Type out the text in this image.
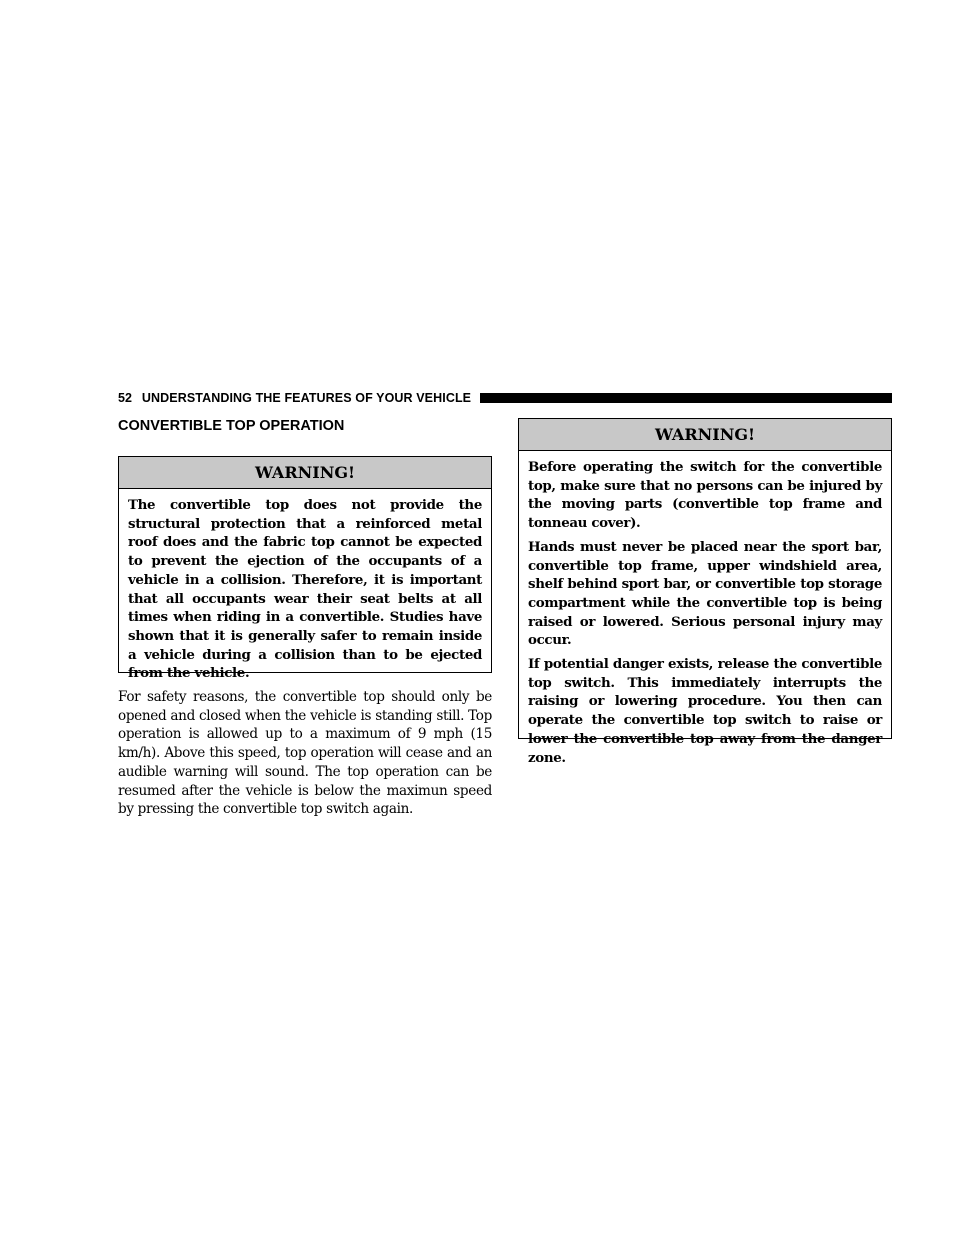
52 UNDERSTANDING THE FEATURES OF YOUR VEHICLE
CONVERTIBLE TOP OPERATION
WARNING!

The convertible top does not provide the structural protection that a reinforced metal roof does and the fabric top cannot be expected to prevent the ejection of the occupants of a vehicle in a collision. Therefore, it is important that all occupants wear their seat belts at all times when riding in a convertible. Studies have shown that it is generally safer to remain inside a vehicle during a collision than to be ejected from the vehicle.

For safety reasons, the convertible top should only be opened and closed when the vehicle is standing still. Top operation is allowed up to a maximum of 9 mph (15 km/h). Above this speed, top operation will cease and an audible warning will sound. The top operation can be resumed after the vehicle is below the maximun speed by pressing the convertible top switch again.
WARNING!

Before operating the switch for the convertible top, make sure that no persons can be injured by the moving parts (convertible top frame and tonneau cover).

Hands must never be placed near the sport bar, convertible top frame, upper windshield area, shelf behind sport bar, or convertible top storage compartment while the convertible top is being raised or lowered. Serious personal injury may occur.

If potential danger exists, release the convertible top switch. This immediately interrupts the raising or lowering procedure. You then can operate the convertible top switch to raise or lower the convertible top away from the danger zone.
